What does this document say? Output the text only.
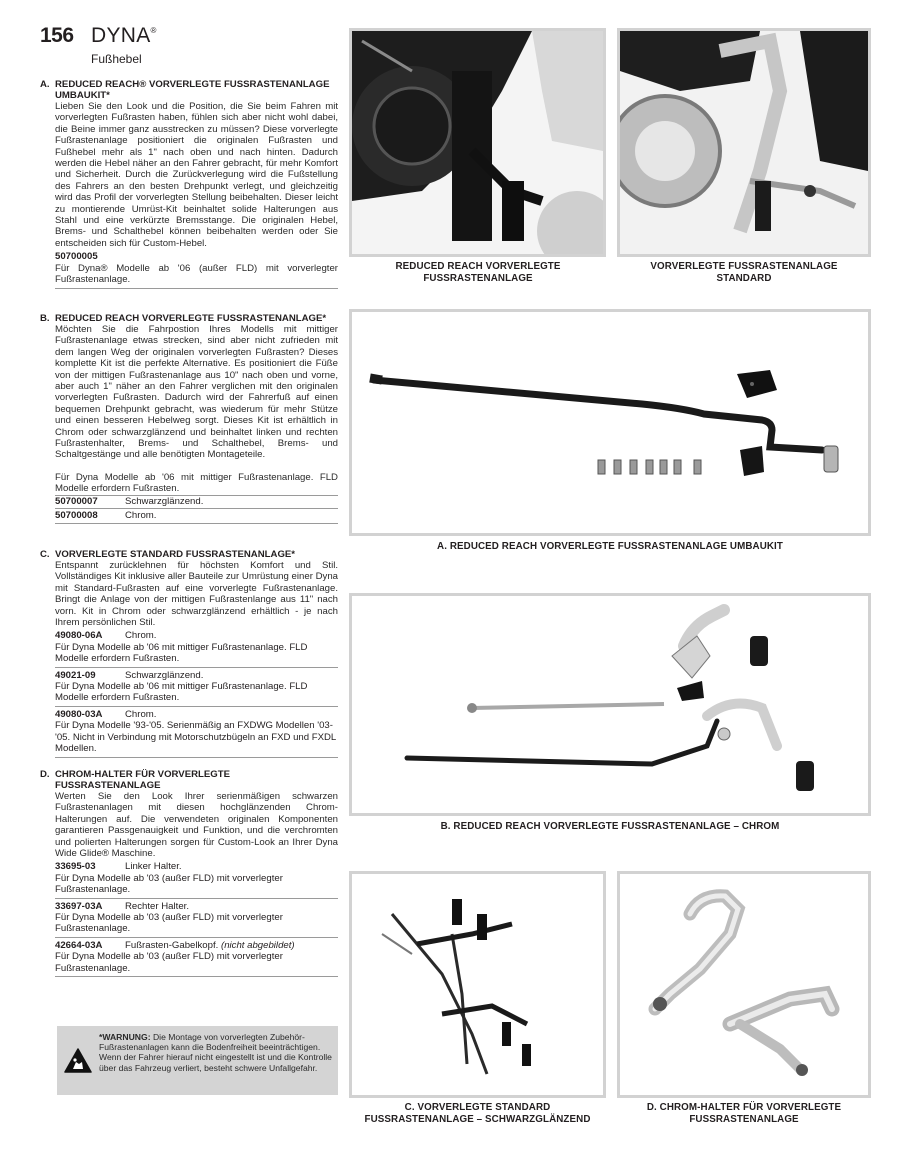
156 DYNA®
Fußhebel
A. REDUCED REACH® VORVERLEGTE FUSSRASTENANLAGE UMBAUKIT*
Lieben Sie den Look und die Position, die Sie beim Fahren mit vorverlegten Fußrasten haben, fühlen sich aber nicht wohl dabei, die Beine immer ganz ausstrecken zu müssen? Diese vorverlegte Fußrastenanlage positioniert die originalen Fußrasten und Fußhebel mehr als 1" nach oben und nach hinten. Dadurch werden die Hebel näher an den Fahrer gebracht, für mehr Komfort und Sicherheit. Durch die Zurückverlegung wird die Fußstellung des Fahrers an den besten Drehpunkt verlegt, und gleichzeitig wird das Profil der vorverlegten Stellung beibehalten. Dieser leicht zu montierende Umrüst-Kit beinhaltet solide Halterungen aus Stahl und eine verkürzte Bremsstange. Die originalen Hebel, Brems- und Schalthebel können beibehalten werden oder Sie entscheiden sich für Custom-Hebel.
50700005
Für Dyna® Modelle ab '06 (außer FLD) mit vorverlegter Fußrastenanlage.
B. REDUCED REACH VORVERLEGTE FUSSRASTENANLAGE*
Möchten Sie die Fahrpostion Ihres Modells mit mittiger Fußrastenanlage etwas strecken, sind aber nicht zufrieden mit dem langen Weg der originalen vorverlegten Fußrasten? Dieses komplette Kit ist die perfekte Alternative. Es positioniert die Füße von der mittigen Fußrastenanlage aus 10" nach oben und vorne, aber auch 1" näher an den Fahrer verglichen mit den originalen vorverlegten Fußrasten. Dadurch wird der Fahrerfuß auf einen bequemen Drehpunkt gebracht, was wiederum für mehr Stütze und einen besseren Hebelweg sorgt. Dieses Kit ist erhältlich in Chrom oder schwarzglänzend und beinhaltet linken und rechten Fußrastenhalter, Brems- und Schalthebel, Brems- und Schaltgestänge und alle benötigten Montageteile.
Für Dyna Modelle ab '06 mit mittiger Fußrastenanlage. FLD Modelle erfordern Fußrasten.
50700007	Schwarzglänzend.
50700008	Chrom.
C. VORVERLEGTE STANDARD FUSSRASTENANLAGE*
Entspannt zurücklehnen für höchsten Komfort und Stil. Vollständiges Kit inklusive aller Bauteile zur Umrüstung einer Dyna mit Standard-Fußrasten auf eine vorverlegte Fußrastenanlage. Bringt die Anlage von der mittigen Fußrastenlange aus 11" nach vorn. Kit in Chrom oder schwarzglänzend erhältlich - je nach Ihrem persönlichen Stil.
49080-06A	Chrom.
Für Dyna Modelle ab '06 mit mittiger Fußrastenanlage. FLD Modelle erfordern Fußrasten.
49021-09	Schwarzglänzend.
Für Dyna Modelle ab '06 mit mittiger Fußrastenanlage. FLD Modelle erfordern Fußrasten.
49080-03A	Chrom.
Für Dyna Modelle '93-'05. Serienmäßig an FXDWG Modellen '03-'05. Nicht in Verbindung mit Motorschutzbügeln an FXD und FXDL Modellen.
D. CHROM-HALTER FÜR VORVERLEGTE FUSSRASTENANLAGE
Werten Sie den Look Ihrer serienmäßigen schwarzen Fußrastenanlagen mit diesen hochglänzenden Chrom-Halterungen auf. Die verwendeten originalen Komponenten garantieren Passgenauigkeit und Funktion, und die verchromten und polierten Halterungen sorgen für Custom-Look an Ihrer Dyna Wide Glide® Maschine.
33695-03	Linker Halter.
Für Dyna Modelle ab '03 (außer FLD) mit vorverlegter Fußrastenanlage.
33697-03A	Rechter Halter.
Für Dyna Modelle ab '03 (außer FLD) mit vorverlegter Fußrastenanlage.
42664-03A	Fußrasten-Gabelkopf. (nicht abgebildet)
Für Dyna Modelle ab '03 (außer FLD) mit vorverlegter Fußrastenanlage.
*WARNUNG: Die Montage von vorverlegten Zubehör-Fußrastenanlagen kann die Bodenfreiheit beeinträchtigen. Wenn der Fahrer hierauf nicht eingestellt ist und die Kontrolle über das Fahrzeug verliert, besteht schwere Unfallgefahr.
REDUCED REACH VORVERLEGTE FUSSRASTENANLAGE
VORVERLEGTE FUSSRASTENANLAGE STANDARD
A. REDUCED REACH VORVERLEGTE FUSSRASTENANLAGE UMBAUKIT
B. REDUCED REACH VORVERLEGTE FUSSRASTENANLAGE – CHROM
C. VORVERLEGTE STANDARD FUSSRASTENANLAGE – SCHWARZGLÄNZEND
D. CHROM-HALTER FÜR VORVERLEGTE FUSSRASTENANLAGE
